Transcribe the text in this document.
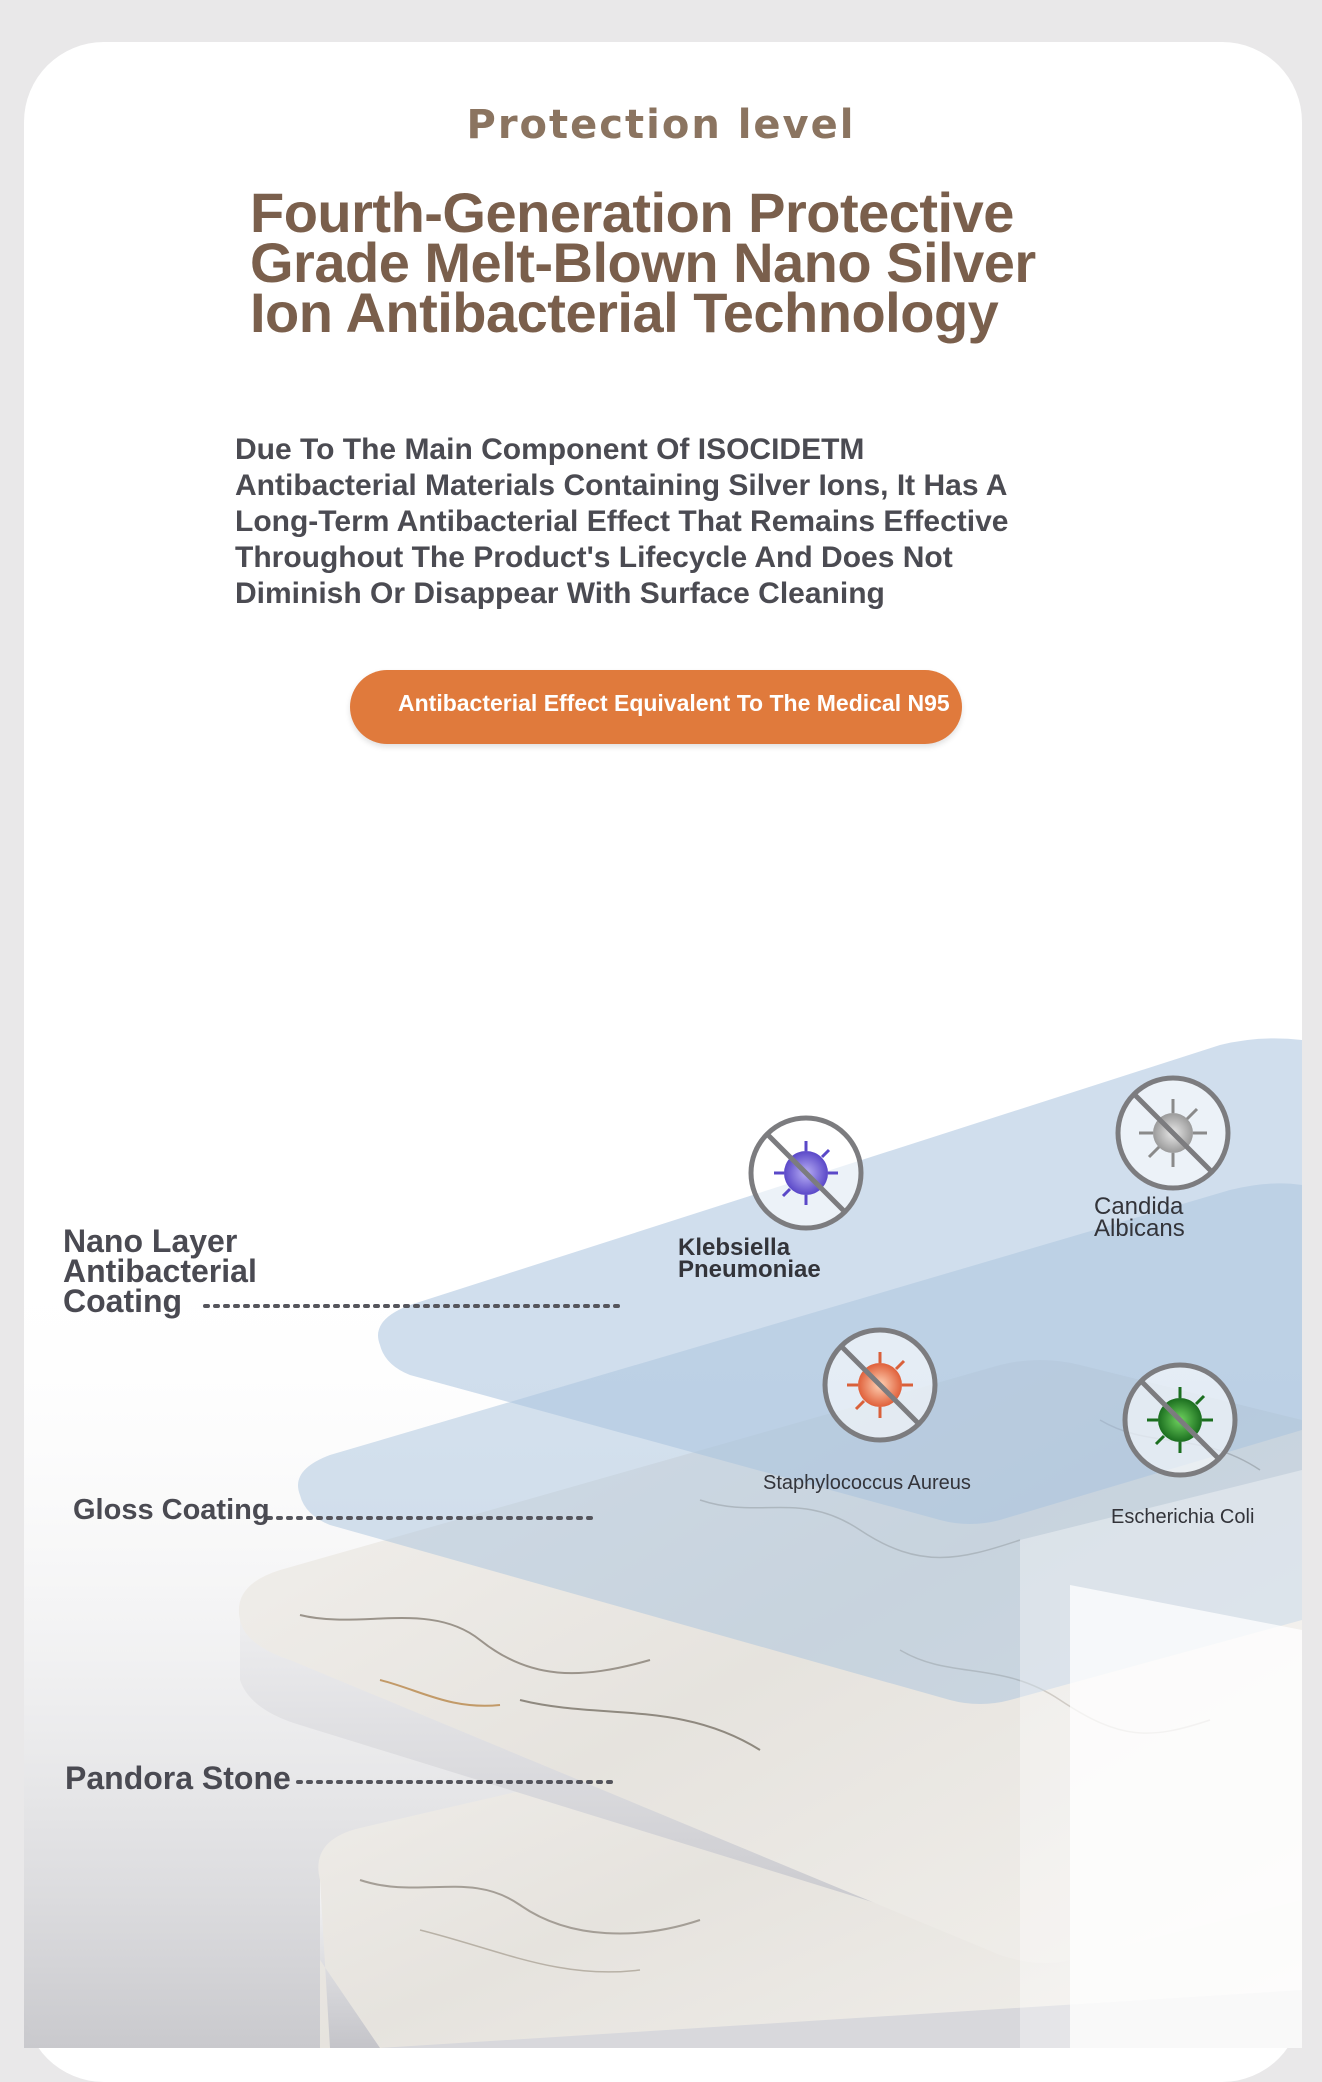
Protection level
Fourth-Generation Protective
Grade Melt-Blown Nano Silver
Ion Antibacterial Technology
Due To The Main Component Of ISOCIDETM
Antibacterial Materials Containing Silver Ions, It Has A
Long-Term Antibacterial Effect That Remains Effective
Throughout The Product's Lifecycle And Does Not
Diminish Or Disappear With Surface Cleaning
Antibacterial Effect Equivalent To The Medical N95

Nano Layer
Antibacterial
Coating

Gloss Coating

Pandora Stone

Klebsiella
Pneumoniae

Candida
Albicans

Staphylococcus Aureus

Escherichia Coli
